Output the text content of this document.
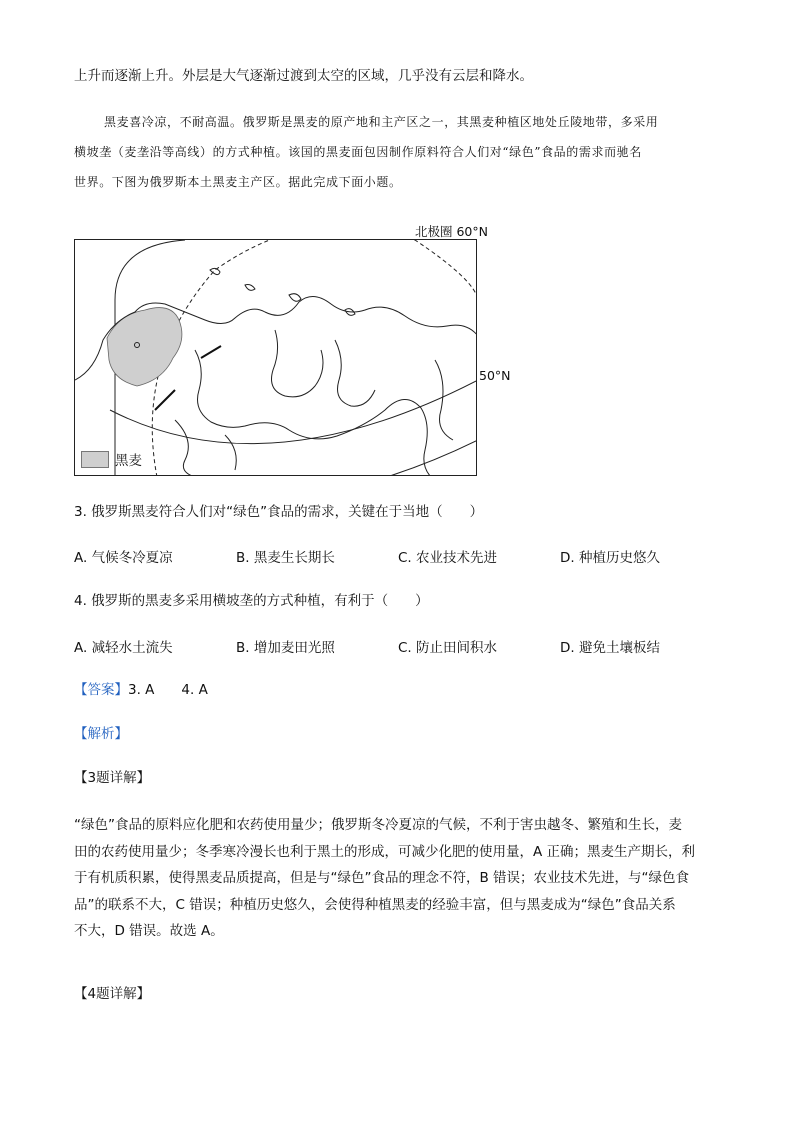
上升而逐渐上升。外层是大气逐渐过渡到太空的区域，几乎没有云层和降水。
黑麦喜冷凉，不耐高温。俄罗斯是黑麦的原产地和主产区之一，其黑麦种植区地处丘陵地带，多采用
横坡垄（麦垄沿等高线）的方式种植。该国的黑麦面包因制作原料符合人们对“绿色”食品的需求而驰名
世界。下图为俄罗斯本土黑麦主产区。据此完成下面小题。
北极圈 60°N
50°N
黑麦
3. 俄罗斯黑麦符合人们对“绿色”食品的需求，关键在于当地（　　）
A. 气候冬冷夏凉	B. 黑麦生长期长	C. 农业技术先进	D. 种植历史悠久
4. 俄罗斯的黑麦多采用横坡垄的方式种植，有利于（　　）
A. 减轻水土流失	B. 增加麦田光照	C. 防止田间积水	D. 避免土壤板结
【答案】3. A　　4. A
【解析】
【3题详解】
“绿色”食品的原料应化肥和农药使用量少；俄罗斯冬冷夏凉的气候，不利于害虫越冬、繁殖和生长，麦
田的农药使用量少；冬季寒冷漫长也利于黑土的形成，可减少化肥的使用量，A 正确；黑麦生产期长，利
于有机质积累，使得黑麦品质提高，但是与“绿色”食品的理念不符，B 错误；农业技术先进，与“绿色食
品”的联系不大，C 错误；种植历史悠久，会使得种植黑麦的经验丰富，但与黑麦成为“绿色”食品关系
不大，D 错误。故选 A。
【4题详解】
